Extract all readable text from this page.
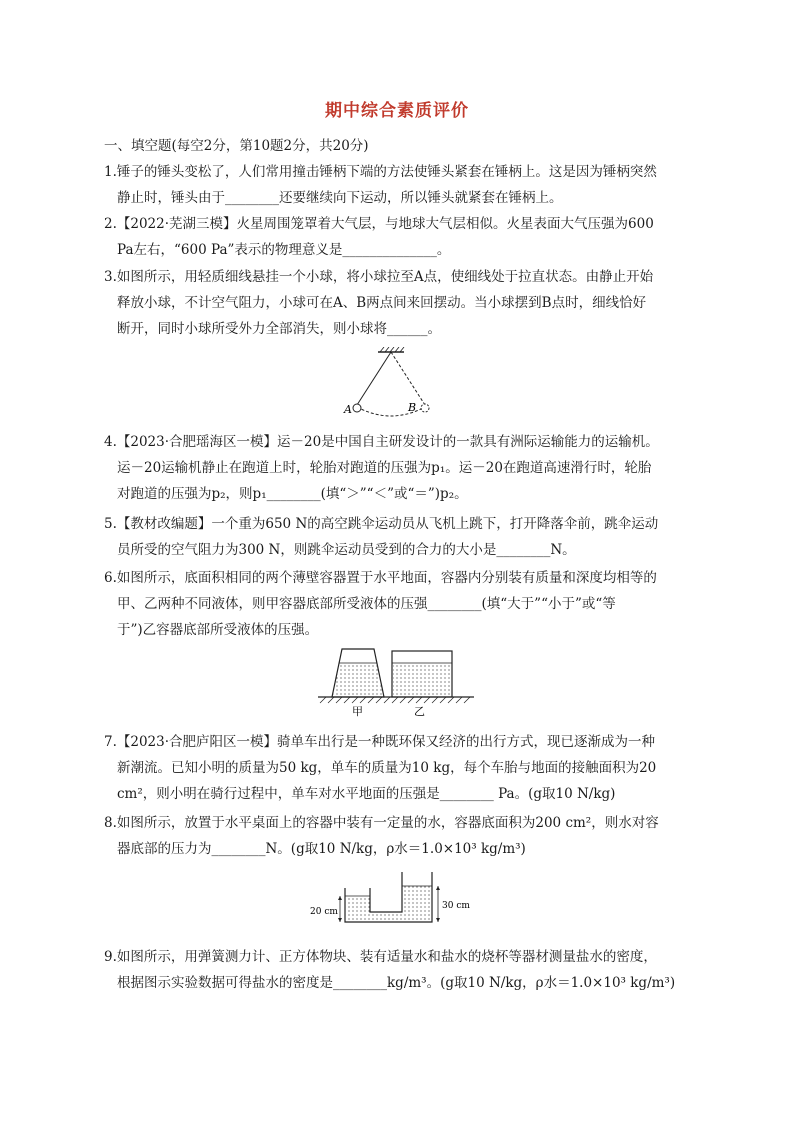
期中综合素质评价
一、填空题(每空2分，第10题2分，共20分)
1.锤子的锤头变松了，人们常用撞击锤柄下端的方法使锤头紧套在锤柄上。这是因为锤柄突然
静止时，锤头由于________还要继续向下运动，所以锤头就紧套在锤柄上。
2.【2022·芜湖三模】火星周围笼罩着大气层，与地球大气层相似。火星表面大气压强为600
Pa左右，“600 Pa”表示的物理意义是______________。
3.如图所示，用轻质细线悬挂一个小球，将小球拉至A点，使细线处于拉直状态。由静止开始
释放小球，不计空气阻力，小球可在A、B两点间来回摆动。当小球摆到B点时，细线恰好
断开，同时小球所受外力全部消失，则小球将______。
A	B
4.【2023·合肥瑶海区一模】运－20是中国自主研发设计的一款具有洲际运输能力的运输机。
运－20运输机静止在跑道上时，轮胎对跑道的压强为p₁。运－20在跑道高速滑行时，轮胎
对跑道的压强为p₂，则p₁________(填“＞”“＜”或“＝”)p₂。
5.【教材改编题】一个重为650 N的高空跳伞运动员从飞机上跳下，打开降落伞前，跳伞运动
员所受的空气阻力为300 N，则跳伞运动员受到的合力的大小是________N。
6.如图所示，底面积相同的两个薄壁容器置于水平地面，容器内分别装有质量和深度均相等的
甲、乙两种不同液体，则甲容器底部所受液体的压强________(填“大于”“小于”或“等
于”)乙容器底部所受液体的压强。
甲	乙
7.【2023·合肥庐阳区一模】骑单车出行是一种既环保又经济的出行方式，现已逐渐成为一种
新潮流。已知小明的质量为50 kg，单车的质量为10 kg，每个车胎与地面的接触面积为20
cm²，则小明在骑行过程中，单车对水平地面的压强是________ Pa。(g取10 N/kg)
8.如图所示，放置于水平桌面上的容器中装有一定量的水，容器底面积为200 cm²，则水对容
器底部的压力为________N。(g取10 N/kg，ρ水＝1.0×10³ kg/m³)
20 cm
30 cm
9.如图所示，用弹簧测力计、正方体物块、装有适量水和盐水的烧杯等器材测量盐水的密度，
根据图示实验数据可得盐水的密度是________kg/m³。(g取10 N/kg，ρ水＝1.0×10³ kg/m³)
